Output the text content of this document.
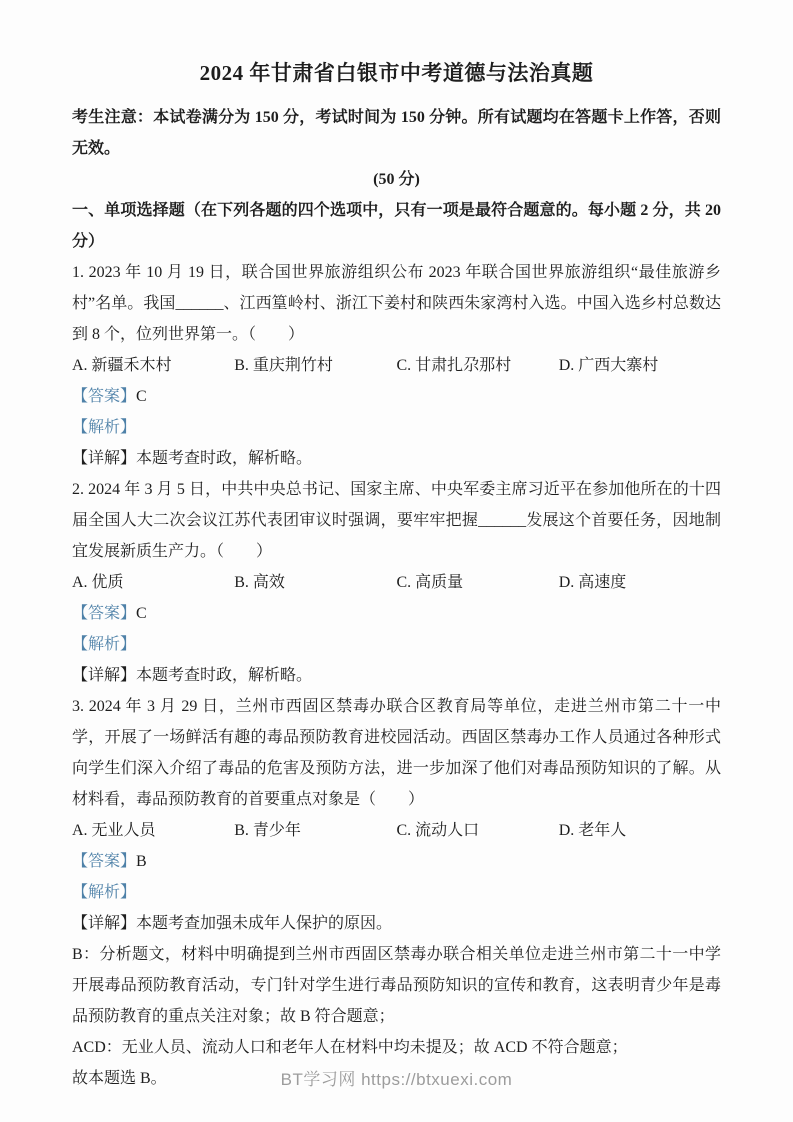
2024 年甘肃省白银市中考道德与法治真题

考生注意：本试卷满分为 150 分，考试时间为 150 分钟。所有试题均在答题卡上作答，否则无效。

(50 分)

一、单项选择题（在下列各题的四个选项中，只有一项是最符合题意的。每小题 2 分，共 20 分）

1. 2023 年 10 月 19 日，联合国世界旅游组织公布 2023 年联合国世界旅游组织“最佳旅游乡村”名单。我国______、江西篁岭村、浙江下姜村和陕西朱家湾村入选。中国入选乡村总数达到 8 个，位列世界第一。（　　）

A. 新疆禾木村	B. 重庆荆竹村	C. 甘肃扎尕那村	D. 广西大寨村

【答案】C

【解析】

【详解】本题考查时政，解析略。

2. 2024 年 3 月 5 日，中共中央总书记、国家主席、中央军委主席习近平在参加他所在的十四届全国人大二次会议江苏代表团审议时强调，要牢牢把握______发展这个首要任务，因地制宜发展新质生产力。（　　）

A. 优质	B. 高效	C. 高质量	D. 高速度

【答案】C

【解析】

【详解】本题考查时政，解析略。

3. 2024 年 3 月 29 日，兰州市西固区禁毒办联合区教育局等单位，走进兰州市第二十一中学，开展了一场鲜活有趣的毒品预防教育进校园活动。西固区禁毒办工作人员通过各种形式向学生们深入介绍了毒品的危害及预防方法，进一步加深了他们对毒品预防知识的了解。从材料看，毒品预防教育的首要重点对象是（　　）

A. 无业人员	B. 青少年	C. 流动人口	D. 老年人

【答案】B

【解析】

【详解】本题考查加强未成年人保护的原因。

B：分析题文，材料中明确提到兰州市西固区禁毒办联合相关单位走进兰州市第二十一中学开展毒品预防教育活动，专门针对学生进行毒品预防知识的宣传和教育，这表明青少年是毒品预防教育的重点关注对象；故 B 符合题意；

ACD：无业人员、流动人口和老年人在材料中均未提及；故 ACD 不符合题意；

故本题选 B。	BT学习网 https://btxuexi.com
